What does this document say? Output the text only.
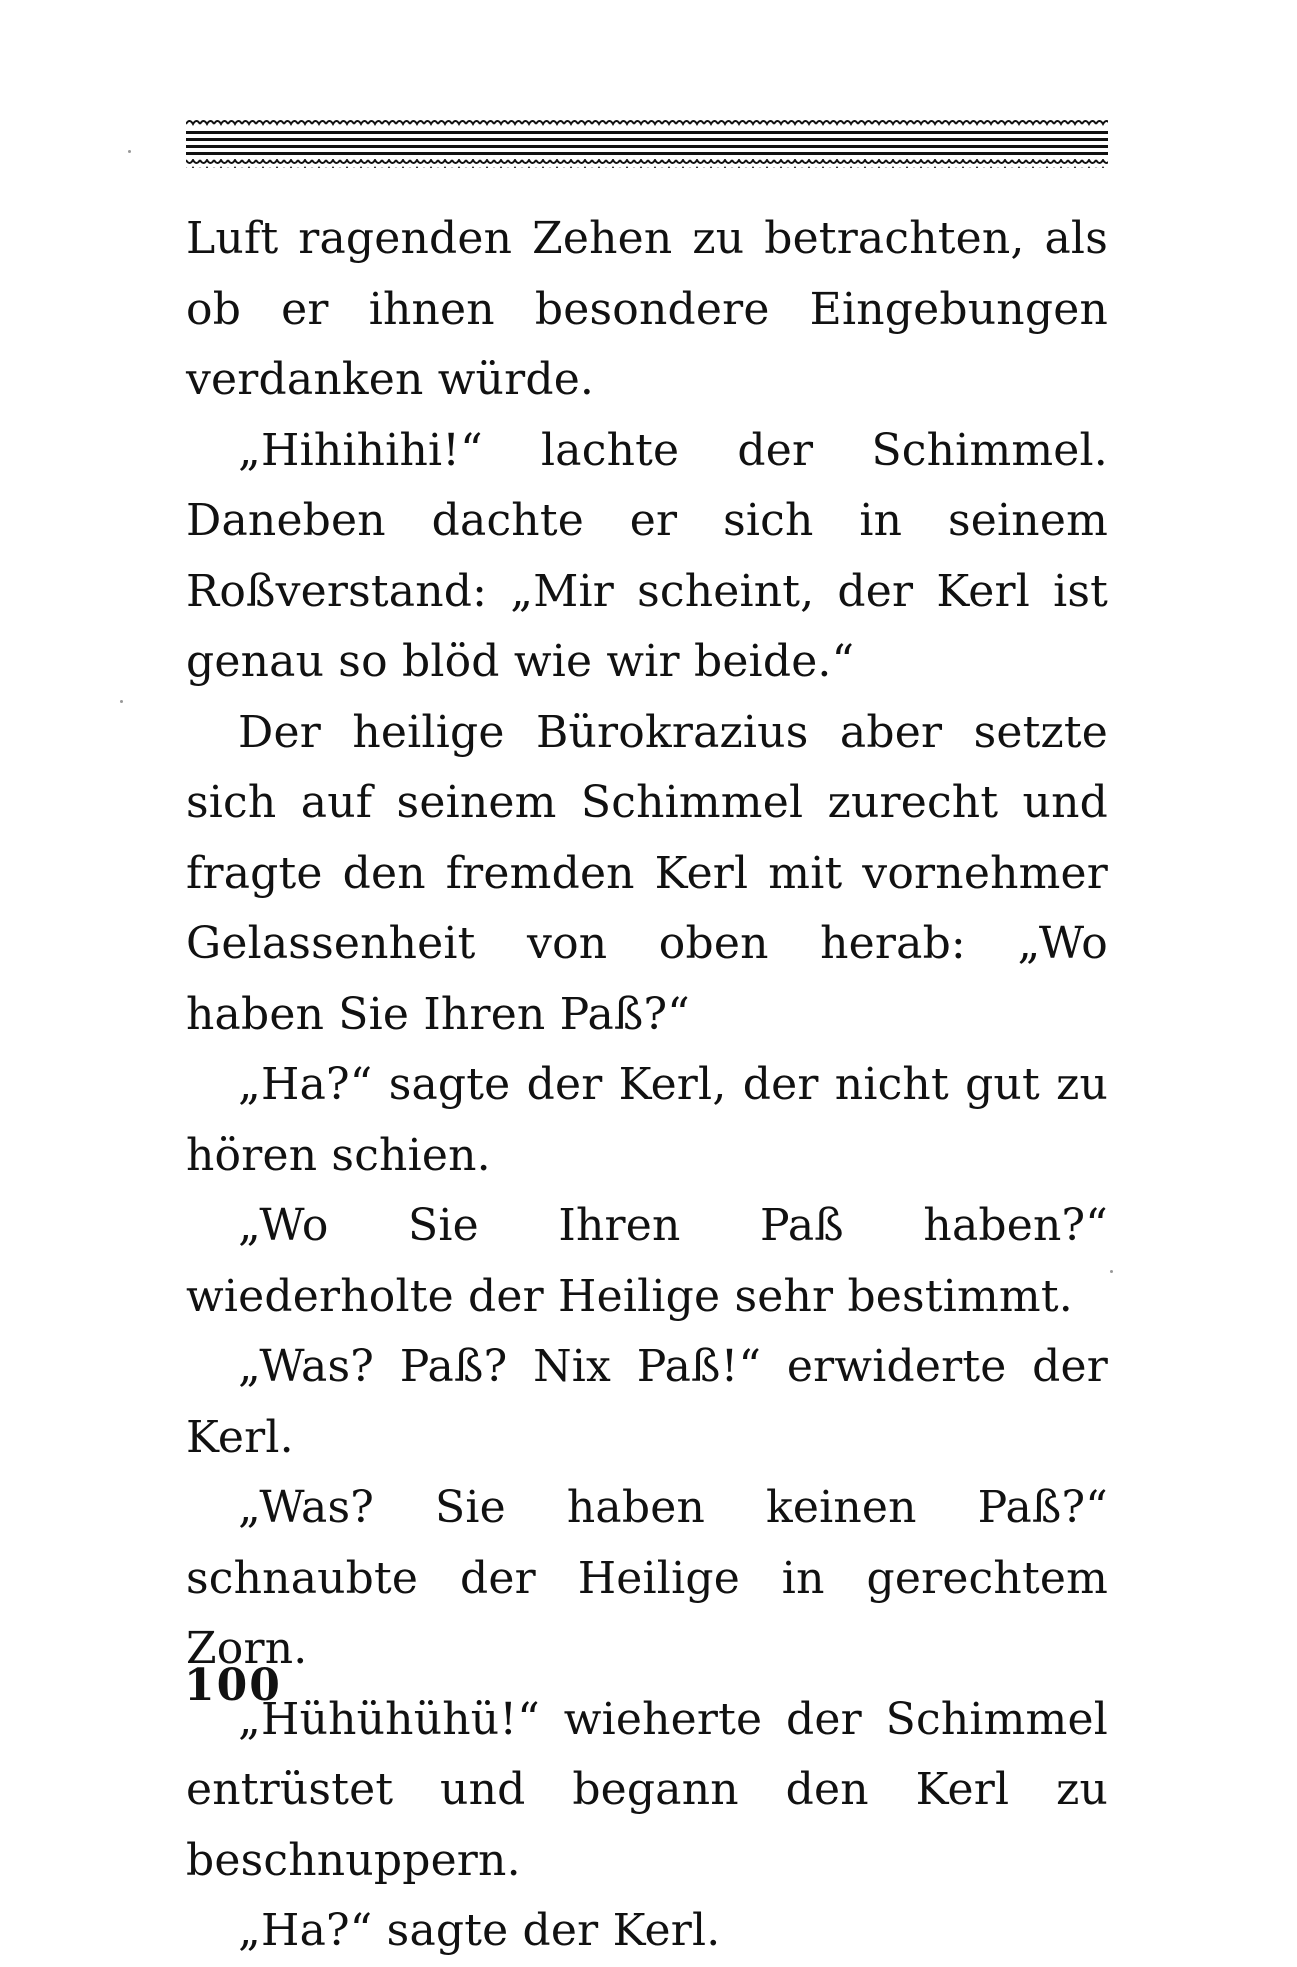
Luft ragenden Zehen zu betrachten, als ob er ihnen besondere Eingebungen verdanken würde.

„Hihihihi!“ lachte der Schimmel. Daneben dachte er sich in seinem Roßverstand: „Mir scheint, der Kerl ist genau so blöd wie wir beide.“

Der heilige Bürokrazius aber setzte sich auf seinem Schimmel zurecht und fragte den fremden Kerl mit vornehmer Gelassenheit von oben herab: „Wo haben Sie Ihren Paß?“

„Ha?“ sagte der Kerl, der nicht gut zu hören schien.

„Wo Sie Ihren Paß haben?“ wiederholte der Heilige sehr bestimmt.

„Was? Paß? Nix Paß!“ erwiderte der Kerl.

„Was? Sie haben keinen Paß?“ schnaubte der Heilige in gerechtem Zorn.

„Hühühühü!“ wieherte der Schimmel entrüstet und begann den Kerl zu beschnuppern.

„Ha?“ sagte der Kerl.

100
